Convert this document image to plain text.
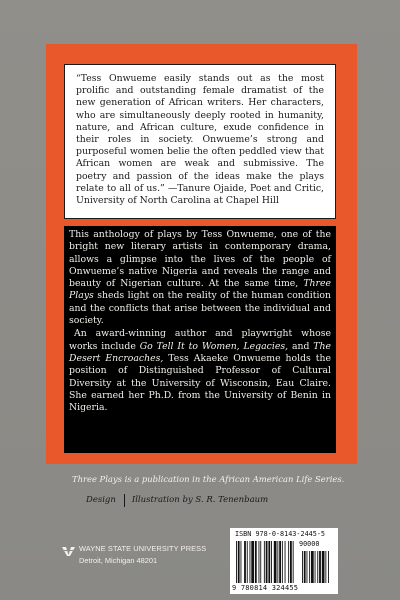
“Tess Onwueme easily stands out as the most prolific and outstanding female dramatist of the new generation of African writers. Her characters, who are simultaneously deeply rooted in humanity, nature, and African culture, exude confidence in their roles in society. Onwueme’s strong and purposeful women belie the often peddled view that African women are weak and submissive. The poetry and passion of the ideas make the plays relate to all of us.” —Tanure Ojaide, Poet and Critic, University of North Carolina at Chapel Hill

This anthology of plays by Tess Onwueme, one of the bright new literary artists in contemporary drama, allows a glimpse into the lives of the people of Onwueme’s native Nigeria and reveals the range and beauty of Nigerian culture. At the same time, Three Plays sheds light on the reality of the human condition and the conflicts that arise between the individual and society.

An award-winning author and playwright whose works include Go Tell It to Women, Legacies, and The Desert Encroaches, Tess Akaeke Onwueme holds the position of Distinguished Professor of Cultural Diversity at the University of Wisconsin, Eau Claire. She earned her Ph.D. from the University of Benin in Nigeria.

Three Plays is a publication in the African American Life Series.
Design Illustration by S. R. Tenenbaum
WAYNE STATE UNIVERSITY PRESS
Detroit, Michigan 48201
ISBN 978-0-8143-2445-5
90000
9 780814 324455
